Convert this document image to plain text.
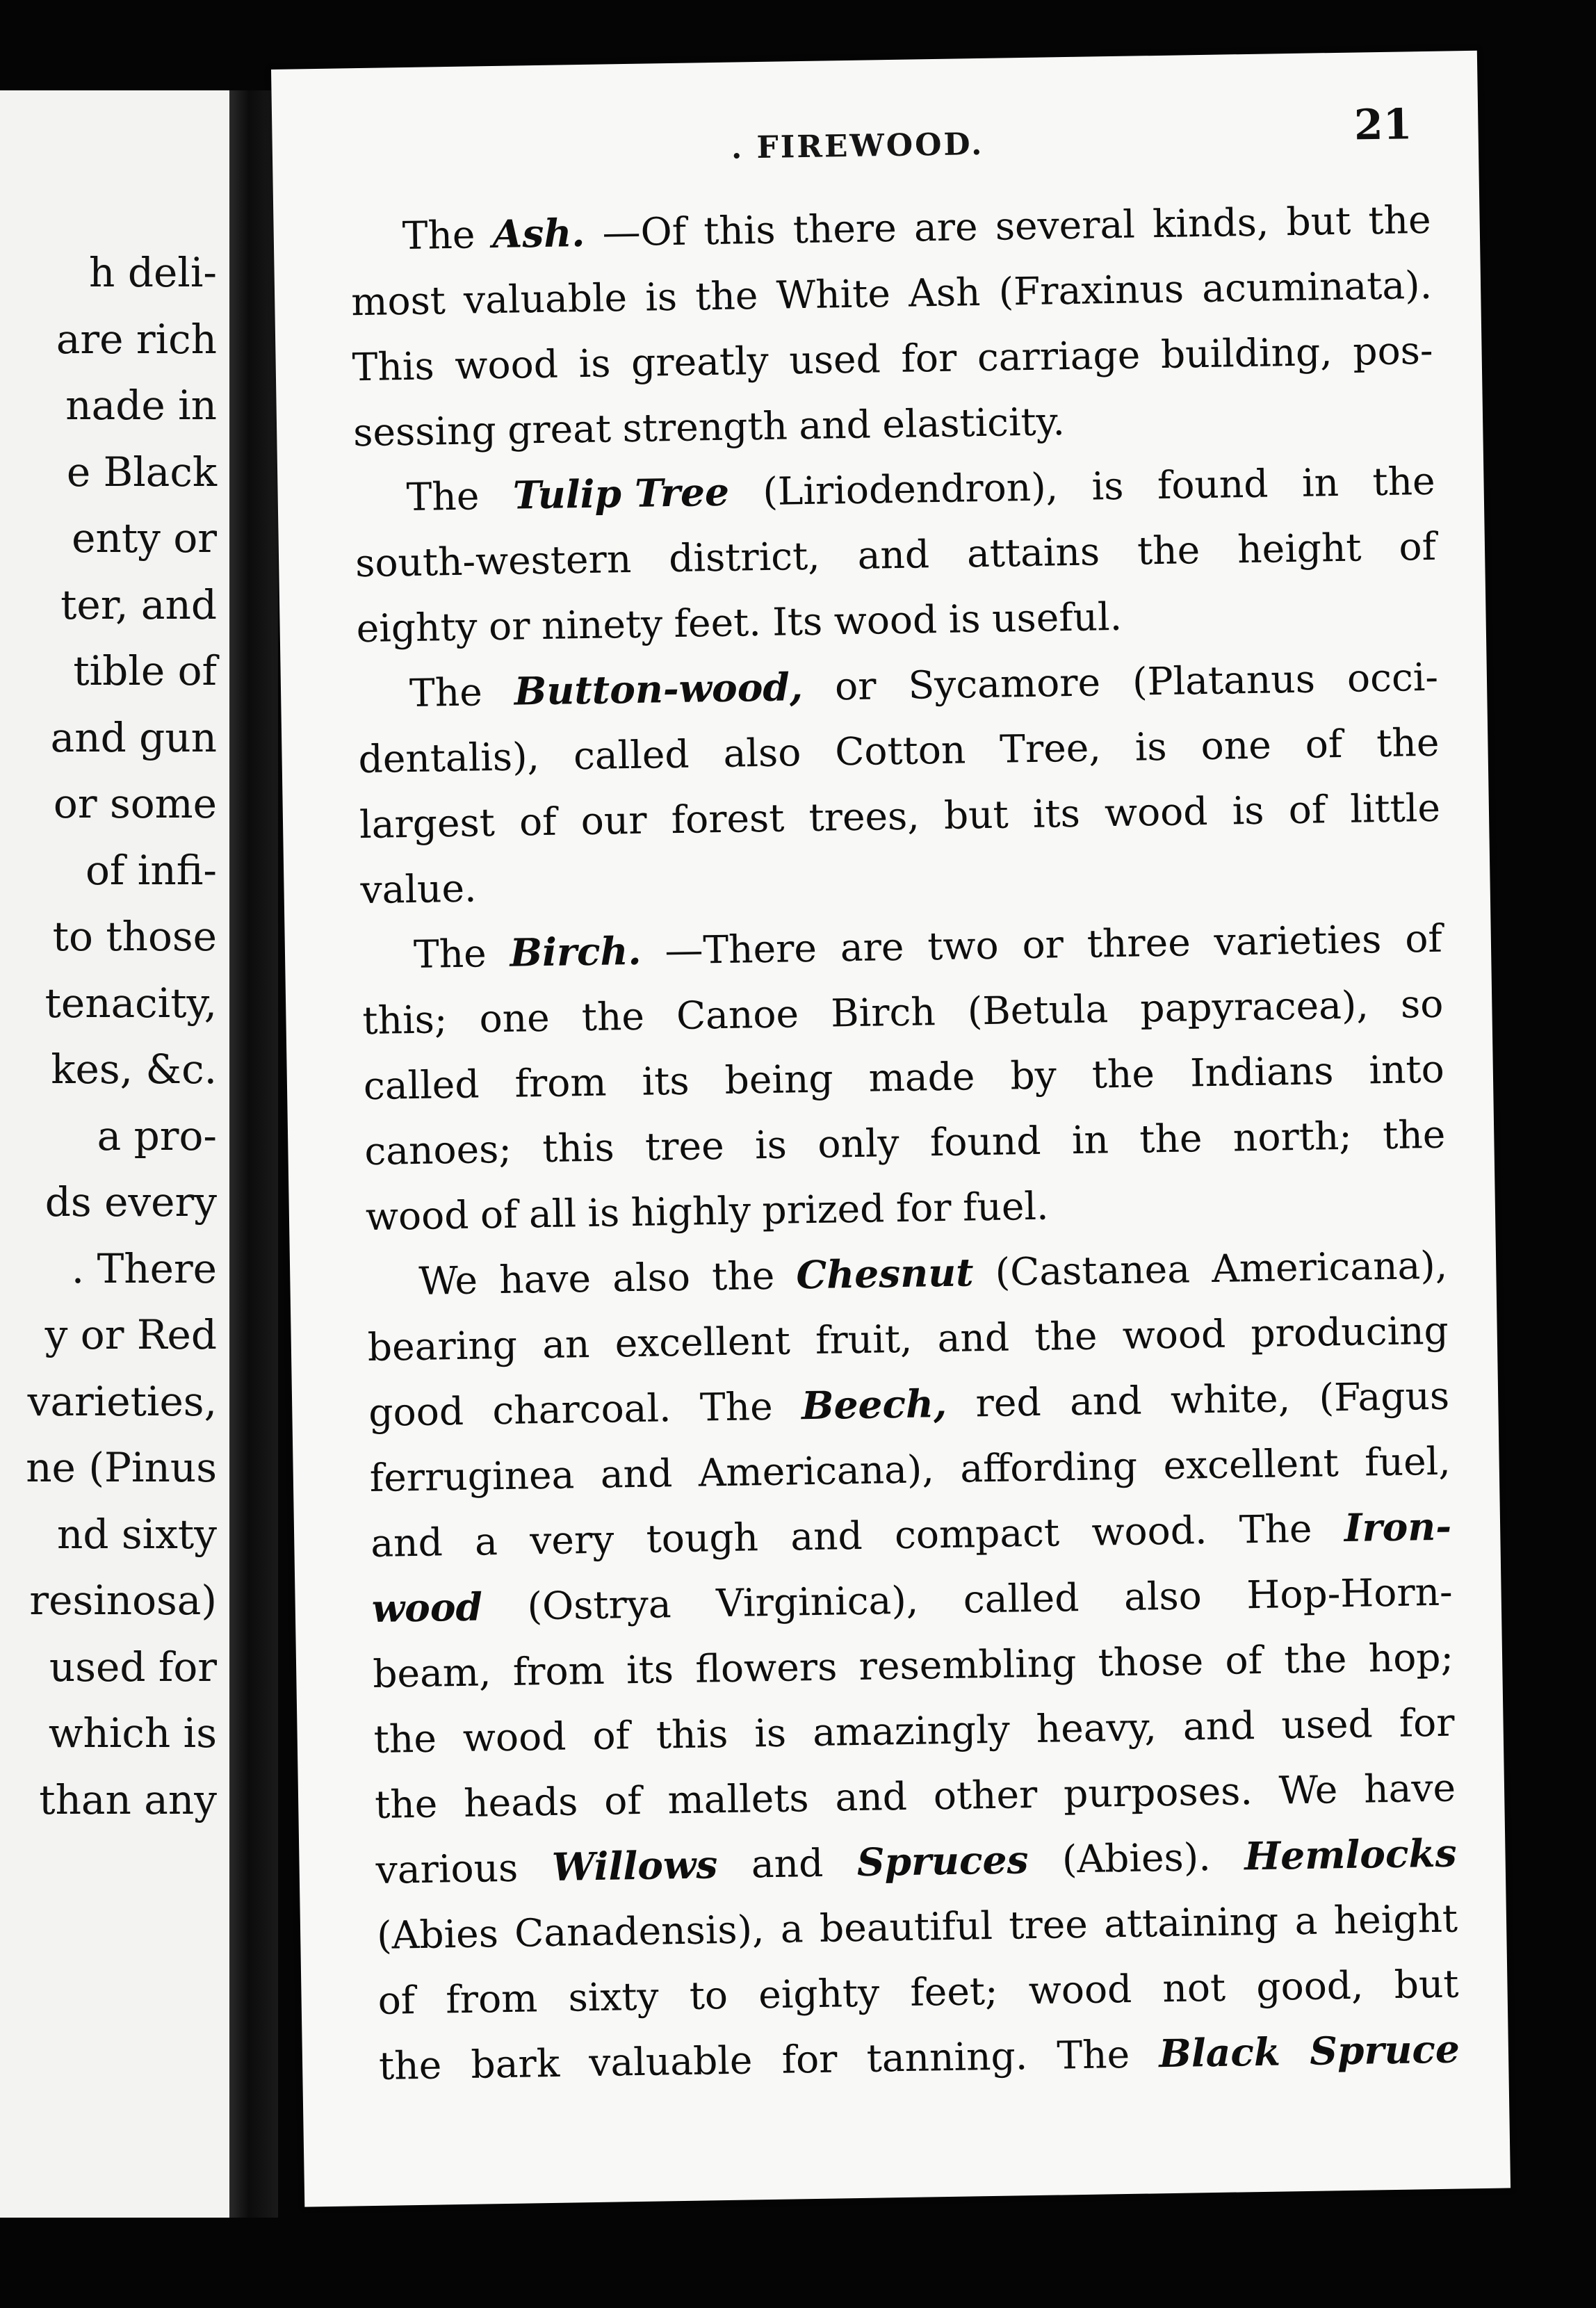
h deli-
are rich
nade in
e Black
enty or
ter, and
tible of
and gun
or some
of infi-
to those
tenacity,
kes, &c.
a pro-
ds every
. There
y or Red
varieties,
ne (Pinus
nd sixty
resinosa)
used for
which is
than any
. FIREWOOD.	21
The Ash. —Of this there are several kinds, but the
most valuable is the White Ash (Fraxinus acuminata).
This wood is greatly used for carriage building, pos-
sessing great strength and elasticity.
The Tulip Tree (Liriodendron), is found in the
south-western district, and attains the height of
eighty or ninety feet. Its wood is useful.
The Button-wood, or Sycamore (Platanus occi-
dentalis), called also Cotton Tree, is one of the
largest of our forest trees, but its wood is of little
value.
The Birch. —There are two or three varieties of
this; one the Canoe Birch (Betula papyracea), so
called from its being made by the Indians into
canoes; this tree is only found in the north; the
wood of all is highly prized for fuel.
We have also the Chesnut (Castanea Americana),
bearing an excellent fruit, and the wood producing
good charcoal. The Beech, red and white, (Fagus
ferruginea and Americana), affording excellent fuel,
and a very tough and compact wood. The Iron-
wood (Ostrya Virginica), called also Hop-Horn-
beam, from its flowers resembling those of the hop;
the wood of this is amazingly heavy, and used for
the heads of mallets and other purposes. We have
various Willows and Spruces (Abies). Hemlocks
(Abies Canadensis), a beautiful tree attaining a height
of from sixty to eighty feet; wood not good, but
the bark valuable for tanning. The Black Spruce
